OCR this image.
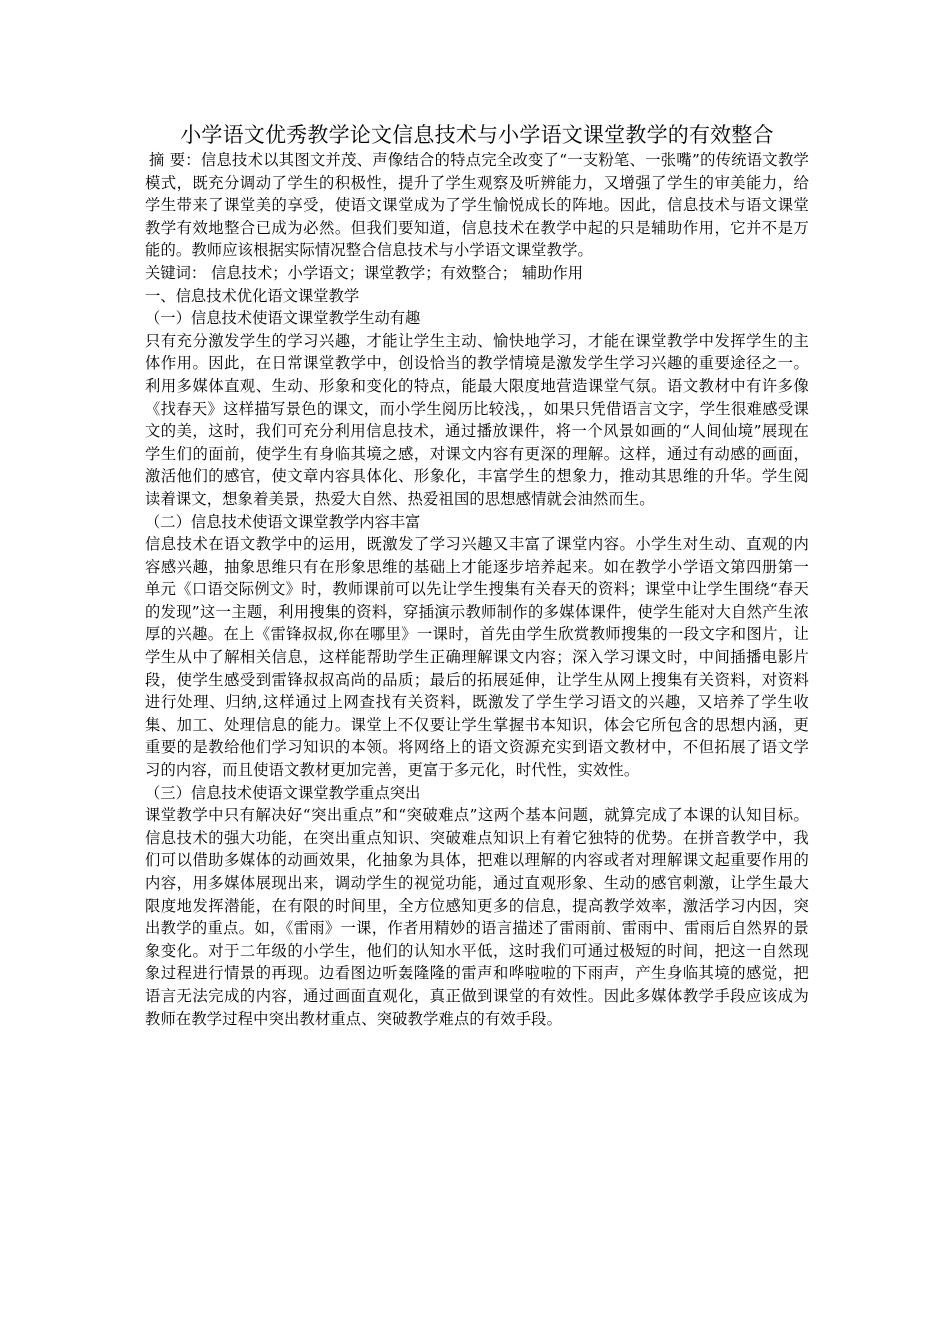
小学语文优秀教学论文信息技术与小学语文课堂教学的有效整合

摘 要：信息技术以其图文并茂、声像结合的特点完全改变了“一支粉笔、一张嘴”的传统语文教学模式，既充分调动了学生的积极性，提升了学生观察及听辨能力，又增强了学生的审美能力，给学生带来了课堂美的享受，使语文课堂成为了学生愉悦成长的阵地。因此，信息技术与语文课堂教学有效地整合已成为必然。但我们要知道，信息技术在教学中起的只是辅助作用，它并不是万能的。教师应该根据实际情况整合信息技术与小学语文课堂教学。

关键词： 信息技术；小学语文；课堂教学；有效整合； 辅助作用

一、信息技术优化语文课堂教学

（一）信息技术使语文课堂教学生动有趣

只有充分激发学生的学习兴趣，才能让学生主动、愉快地学习，才能在课堂教学中发挥学生的主体作用。因此，在日常课堂教学中，创设恰当的教学情境是激发学生学习兴趣的重要途径之一。利用多媒体直观、生动、形象和变化的特点，能最大限度地营造课堂气氛。语文教材中有许多像《找春天》这样描写景色的课文，而小学生阅历比较浅，，如果只凭借语言文字，学生很难感受课文的美，这时，我们可充分利用信息技术，通过播放课件，将一个风景如画的“人间仙境”展现在学生们的面前，使学生有身临其境之感，对课文内容有更深的理解。这样，通过有动感的画面，激活他们的感官，使文章内容具体化、形象化，丰富学生的想象力，推动其思维的升华。学生阅读着课文，想象着美景，热爱大自然、热爱祖国的思想感情就会油然而生。

（二）信息技术使语文课堂教学内容丰富

信息技术在语文教学中的运用，既激发了学习兴趣又丰富了课堂内容。小学生对生动、直观的内容感兴趣，抽象思维只有在形象思维的基础上才能逐步培养起来。如在教学小学语文第四册第一单元《口语交际例文》时，教师课前可以先让学生搜集有关春天的资料；课堂中让学生围绕“春天的发现”这一主题，利用搜集的资料，穿插演示教师制作的多媒体课件，使学生能对大自然产生浓厚的兴趣。在上《雷锋叔叔,你在哪里》一课时，首先由学生欣赏教师搜集的一段文字和图片，让学生从中了解相关信息，这样能帮助学生正确理解课文内容；深入学习课文时，中间插播电影片段，使学生感受到雷锋叔叔高尚的品质；最后的拓展延伸，让学生从网上搜集有关资料，对资料进行处理、归纳,这样通过上网查找有关资料，既激发了学生学习语文的兴趣，又培养了学生收集、加工、处理信息的能力。课堂上不仅要让学生掌握书本知识，体会它所包含的思想内涵，更重要的是教给他们学习知识的本领。将网络上的语文资源充实到语文教材中，不但拓展了语文学习的内容，而且使语文教材更加完善，更富于多元化，时代性，实效性。

（三）信息技术使语文课堂教学重点突出

课堂教学中只有解决好“突出重点”和“突破难点”这两个基本问题，就算完成了本课的认知目标。信息技术的强大功能，在突出重点知识、突破难点知识上有着它独特的优势。在拼音教学中，我们可以借助多媒体的动画效果，化抽象为具体，把难以理解的内容或者对理解课文起重要作用的内容，用多媒体展现出来，调动学生的视觉功能，通过直观形象、生动的感官刺激，让学生最大限度地发挥潜能，在有限的时间里，全方位感知更多的信息，提高教学效率，激活学习内因，突出教学的重点。如，《雷雨》一课，作者用精妙的语言描述了雷雨前、雷雨中、雷雨后自然界的景象变化。对于二年级的小学生，他们的认知水平低，这时我们可通过极短的时间，把这一自然现象过程进行情景的再现。边看图边听轰隆隆的雷声和哗啦啦的下雨声，产生身临其境的感觉，把语言无法完成的内容，通过画面直观化，真正做到课堂的有效性。因此多媒体教学手段应该成为教师在教学过程中突出教材重点、突破教学难点的有效手段。
